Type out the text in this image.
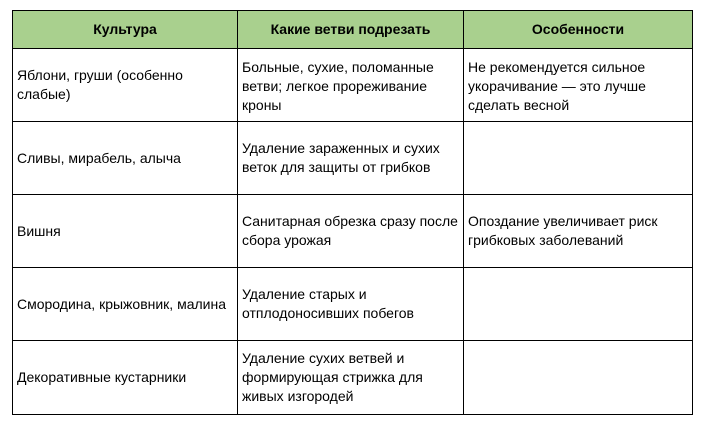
Культура	Какие ветви подрезать	Особенности
Яблони, груши (особенно слабые)	Больные, сухие, поломанные ветви; легкое прореживание кроны	Не рекомендуется сильное укорачивание — это лучше сделать весной
Сливы, мирабель, алыча	Удаление зараженных и сухих веток для защиты от грибков	
Вишня	Санитарная обрезка сразу после сбора урожая	Опоздание увеличивает риск грибковых заболеваний
Смородина, крыжовник, малина	Удаление старых и отплодоносивших побегов	
Декоративные кустарники	Удаление сухих ветвей и формирующая стрижка для живых изгородей	
